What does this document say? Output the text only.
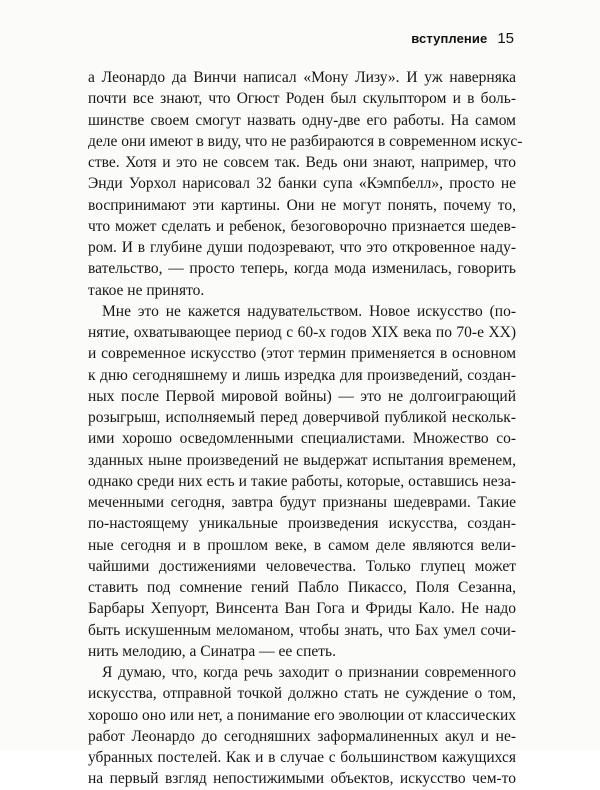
вступление 15

а Леонардо да Винчи написал «Мону Лизу». И уж наверняка
почти все знают, что Огюст Роден был скульптором и в боль-
шинстве своем смогут назвать одну-две его работы. На самом
деле они имеют в виду, что не разбираются в современном искус-
стве. Хотя и это не совсем так. Ведь они знают, например, что
Энди Уорхол нарисовал 32 банки супа «Кэмпбелл», просто не
воспринимают эти картины. Они не могут понять, почему то,
что может сделать и ребенок, безоговорочно признается шедев-
ром. И в глубине души подозревают, что это откровенное наду-
вательство, — просто теперь, когда мода изменилась, говорить
такое не принято.

Мне это не кажется надувательством. Новое искусство (по-
нятие, охватывающее период с 60-х годов XIX века по 70-е XX)
и современное искусство (этот термин применяется в основном
к дню сегодняшнему и лишь изредка для произведений, создан-
ных после Первой мировой войны) — это не долгоиграющий
розыгрыш, исполняемый перед доверчивой публикой нескольк-
ими хорошо осведомленными специалистами. Множество со-
зданных ныне произведений не выдержат испытания временем,
однако среди них есть и такие работы, которые, оставшись неза-
меченными сегодня, завтра будут признаны шедеврами. Такие
по-настоящему уникальные произведения искусства, создан-
ные сегодня и в прошлом веке, в самом деле являются вели-
чайшими достижениями человечества. Только глупец может
ставить под сомнение гений Пабло Пикассо, Поля Сезанна,
Барбары Хепуорт, Винсента Ван Гога и Фриды Кало. Не надо
быть искушенным меломаном, чтобы знать, что Бах умел сочи-
нить мелодию, а Синатра — ее спеть.

Я думаю, что, когда речь заходит о признании современного
искусства, отправной точкой должно стать не суждение о том,
хорошо оно или нет, а понимание его эволюции от классических
работ Леонардо до сегодняшних заформалиненных акул и не-
убранных постелей. Как и в случае с большинством кажущихся
на первый взгляд непостижимыми объектов, искусство чем-то
